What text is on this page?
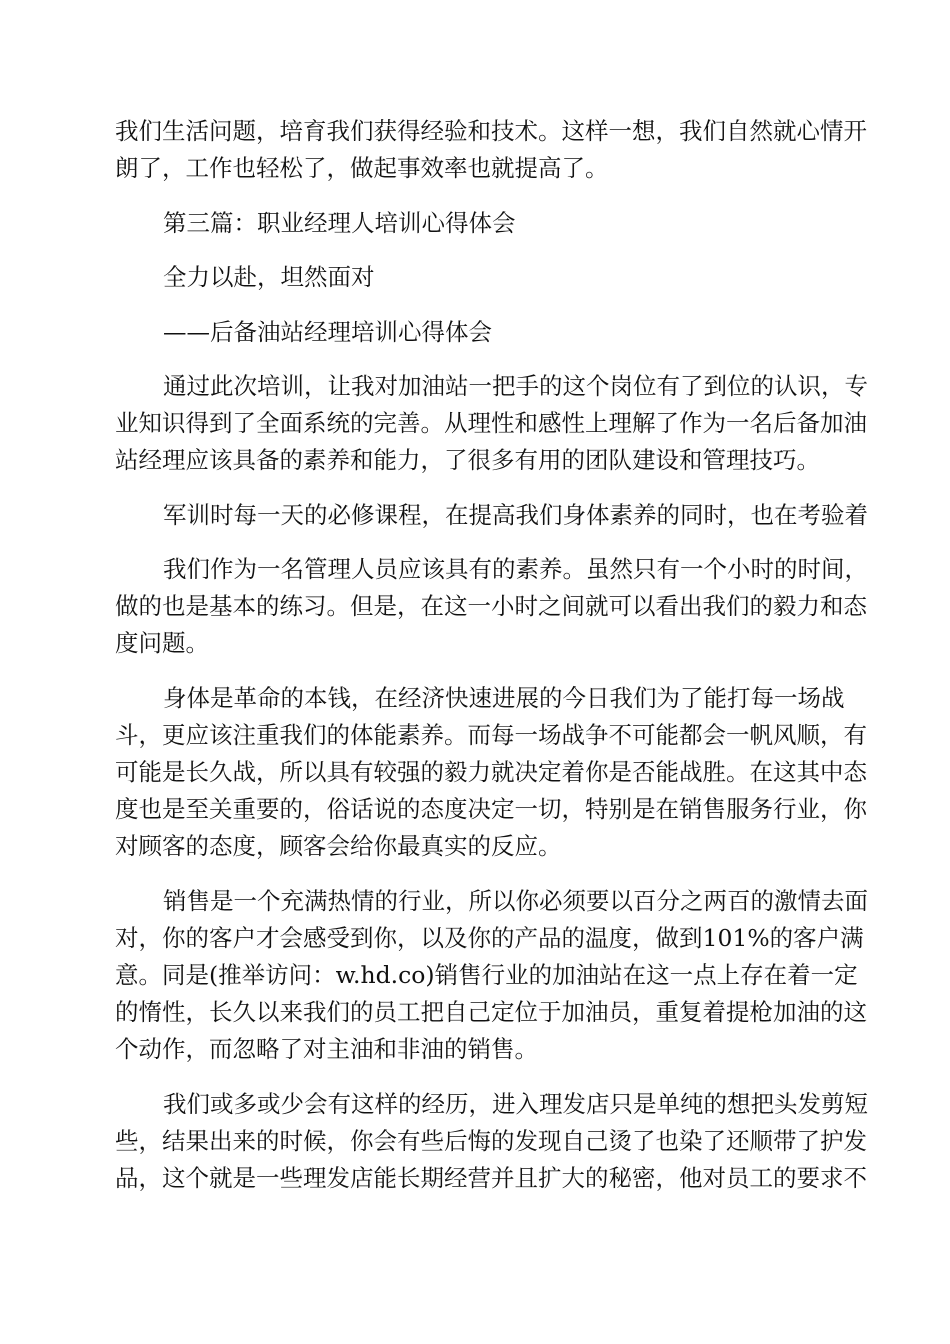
我们生活问题，培育我们获得经验和技术。这样一想，我们自然就心情开

朗了，工作也轻松了，做起事效率也就提高了。

第三篇：职业经理人培训心得体会

全力以赴，坦然面对

——后备油站经理培训心得体会

通过此次培训，让我对加油站一把手的这个岗位有了到位的认识，专

业知识得到了全面系统的完善。从理性和感性上理解了作为一名后备加油

站经理应该具备的素养和能力，了很多有用的团队建设和管理技巧。

军训时每一天的必修课程，在提高我们身体素养的同时，也在考验着

我们作为一名管理人员应该具有的素养。虽然只有一个小时的时间，

做的也是基本的练习。但是，在这一小时之间就可以看出我们的毅力和态

度问题。

身体是革命的本钱，在经济快速进展的今日我们为了能打每一场战

斗，更应该注重我们的体能素养。而每一场战争不可能都会一帆风顺，有

可能是长久战，所以具有较强的毅力就决定着你是否能战胜。在这其中态

度也是至关重要的，俗话说的态度决定一切，特别是在销售服务行业，你

对顾客的态度，顾客会给你最真实的反应。

销售是一个充满热情的行业，所以你必须要以百分之两百的激情去面

对，你的客户才会感受到你，以及你的产品的温度，做到101%的客户满

意。同是(推举访问：w.hd.co)销售行业的加油站在这一点上存在着一定

的惰性，长久以来我们的员工把自己定位于加油员，重复着提枪加油的这

个动作，而忽略了对主油和非油的销售。

我们或多或少会有这样的经历，进入理发店只是单纯的想把头发剪短

些，结果出来的时候，你会有些后悔的发现自己烫了也染了还顺带了护发

品，这个就是一些理发店能长期经营并且扩大的秘密，他对员工的要求不
